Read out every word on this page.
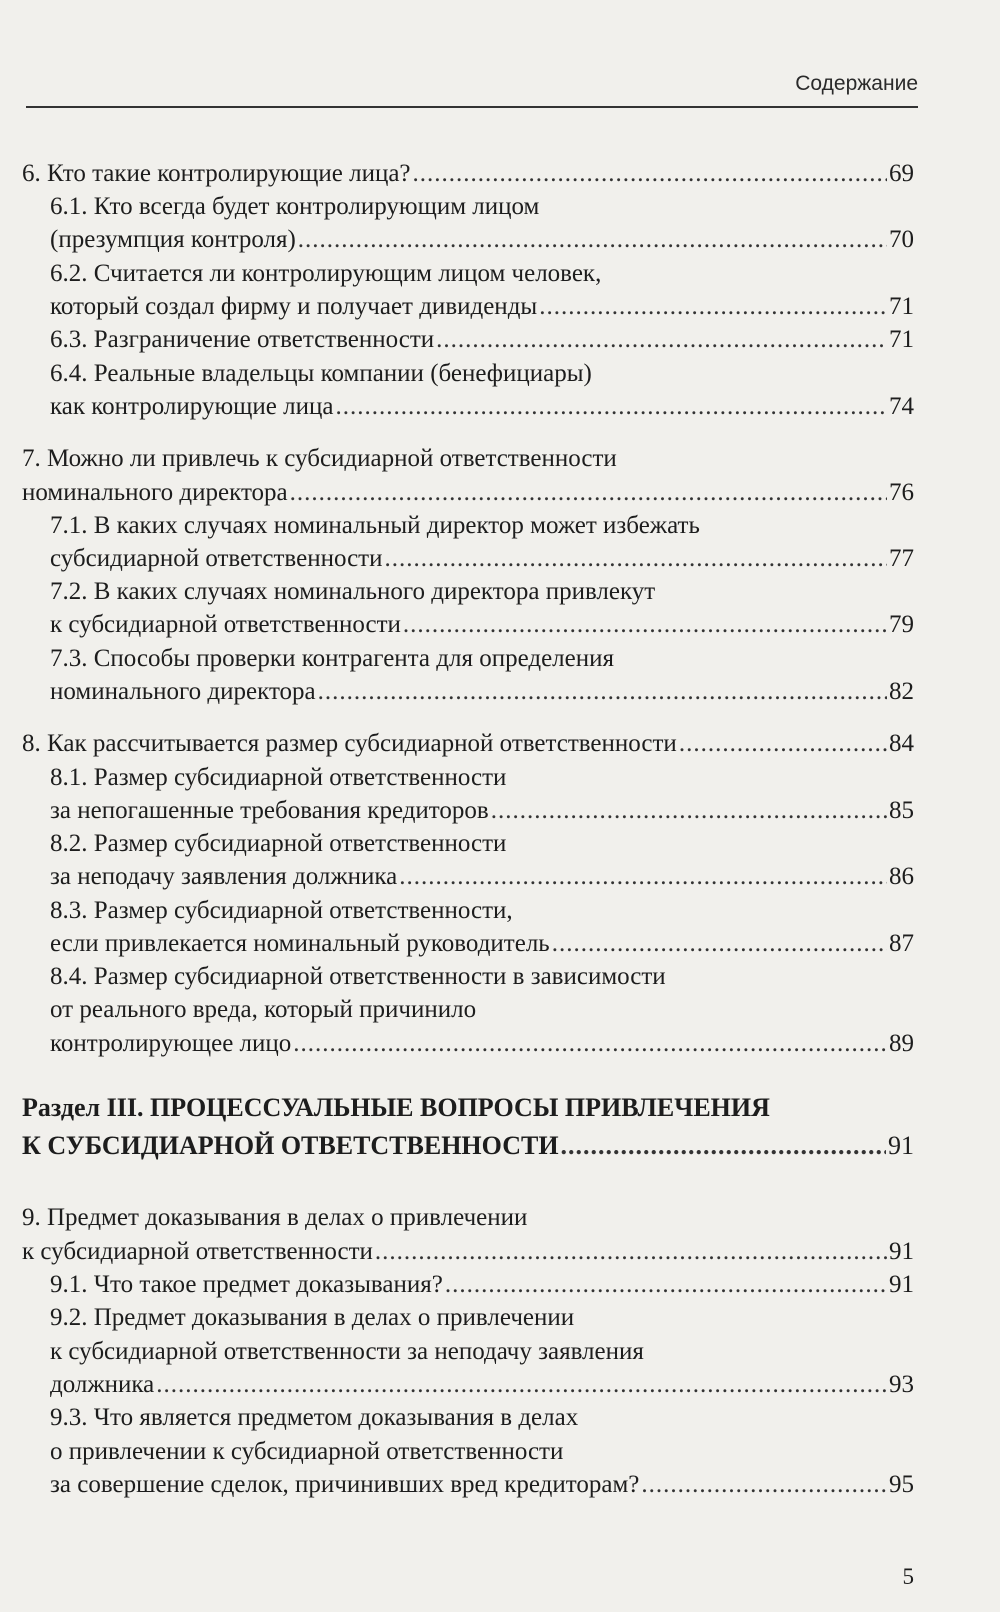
Содержание
6. Кто такие контролирующие лица? .....	69
6.1. Кто всегда будет контролирующим лицом
(презумпция контроля) .....	70
6.2. Считается ли контролирующим лицом человек,
который создал фирму и получает дивиденды .....	71
6.3. Разграничение ответственности .....	71
6.4. Реальные владельцы компании (бенефициары)
как контролирующие лица .....	74
7. Можно ли привлечь к субсидиарной ответственности
номинального директора .....	76
7.1. В каких случаях номинальный директор может избежать
субсидиарной ответственности .....	77
7.2. В каких случаях номинального директора привлекут
к субсидиарной ответственности .....	79
7.3. Способы проверки контрагента для определения
номинального директора .....	82
8. Как рассчитывается размер субсидиарной ответственности .....	84
8.1. Размер субсидиарной ответственности
за непогашенные требования кредиторов .....	85
8.2. Размер субсидиарной ответственности
за неподачу заявления должника .....	86
8.3. Размер субсидиарной ответственности,
если привлекается номинальный руководитель .....	87
8.4. Размер субсидиарной ответственности в зависимости
от реального вреда, который причинило
контролирующее лицо .....	89
Раздел III. ПРОЦЕССУАЛЬНЫЕ ВОПРОСЫ ПРИВЛЕЧЕНИЯ
К СУБСИДИАРНОЙ ОТВЕТСТВЕННОСТИ .....	91
9. Предмет доказывания в делах о привлечении
к субсидиарной ответственности .....	91
9.1. Что такое предмет доказывания? .....	91
9.2. Предмет доказывания в делах о привлечении
к субсидиарной ответственности за неподачу заявления
должника .....	93
9.3. Что является предметом доказывания в делах
о привлечении к субсидиарной ответственности
за совершение сделок, причинивших вред кредиторам? .....	95
5
